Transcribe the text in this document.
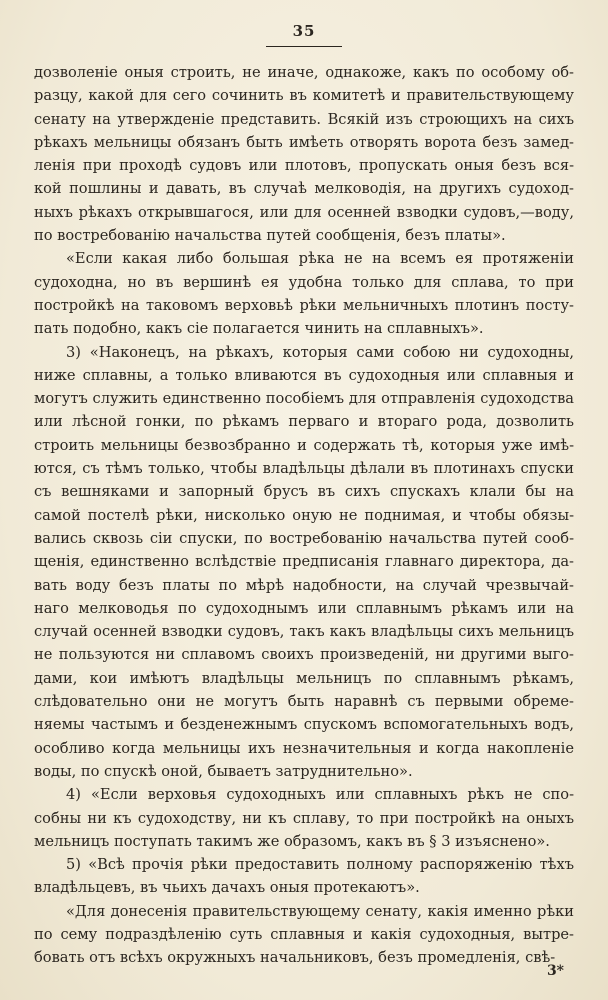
35
дозволеніе оныя строить, не иначе, однакоже, какъ по особому об-
разцу, какой для сего сочинить въ комитетѣ и правительствующему
сенату на утвержденіе представить. Всякій изъ строющихъ на сихъ
рѣкахъ мельницы обязанъ быть имѣеть отворять ворота безъ замед-
ленія при проходѣ судовъ или плотовъ, пропускать оныя безъ вся-
кой пошлины и давать, въ случаѣ мелководія, на другихъ судоход-
ныхъ рѣкахъ открывшагося, или для осенней взводки судовъ,—воду,
по востребованію начальства путей сообщенія, безъ платы».
«Если какая либо большая рѣка не на всемъ ея протяженіи
судоходна, но въ вершинѣ ея удобна только для сплава, то при
постройкѣ на таковомъ верховьѣ рѣки мельничныхъ плотинъ посту-
пать подобно, какъ сіе полагается чинить на сплавныхъ».
3) «Наконецъ, на рѣкахъ, которыя сами собою ни судоходны,
ниже сплавны, а только вливаются въ судоходныя или сплавныя и
могутъ служить единственно пособіемъ для отправленія судоходства
или лѣсной гонки, по рѣкамъ перваго и втораго рода, дозволить
строить мельницы безвозбранно и содержать тѣ, которыя уже имѣ-
ются, съ тѣмъ только, чтобы владѣльцы дѣлали въ плотинахъ спуски
съ вешняками и запорный брусъ въ сихъ спускахъ клали бы на
самой постелѣ рѣки, нисколько оную не поднимая, и чтобы обязы-
вались сквозь сіи спуски, по востребованію начальства путей сооб-
щенія, единственно вслѣдствіе предписанія главнаго директора, да-
вать воду безъ платы по мѣрѣ надобности, на случай чрезвычай-
наго мелководья по судоходнымъ или сплавнымъ рѣкамъ или на
случай осенней взводки судовъ, такъ какъ владѣльцы сихъ мельницъ
не пользуются ни сплавомъ своихъ произведеній, ни другими выго-
дами, кои имѣютъ владѣльцы мельницъ по сплавнымъ рѣкамъ,
слѣдовательно они не могутъ быть наравнѣ съ первыми обреме-
няемы частымъ и безденежнымъ спускомъ вспомогательныхъ водъ,
особливо когда мельницы ихъ незначительныя и когда накопленіе
воды, по спускѣ оной, бываетъ затруднительно».
4) «Если верховья судоходныхъ или сплавныхъ рѣкъ не спо-
собны ни къ судоходству, ни къ сплаву, то при постройкѣ на оныхъ
мельницъ поступать такимъ же образомъ, какъ въ § 3 изъяснено».
5) «Всѣ прочія рѣки предоставить полному распоряженію тѣхъ
владѣльцевъ, въ чьихъ дачахъ оныя протекаютъ».
«Для донесенія правительствующему сенату, какія именно рѣки
по сему подраздѣленію суть сплавныя и какія судоходныя, вытре-
бовать отъ всѣхъ окружныхъ начальниковъ, безъ промедленія, свѣ-
3*
